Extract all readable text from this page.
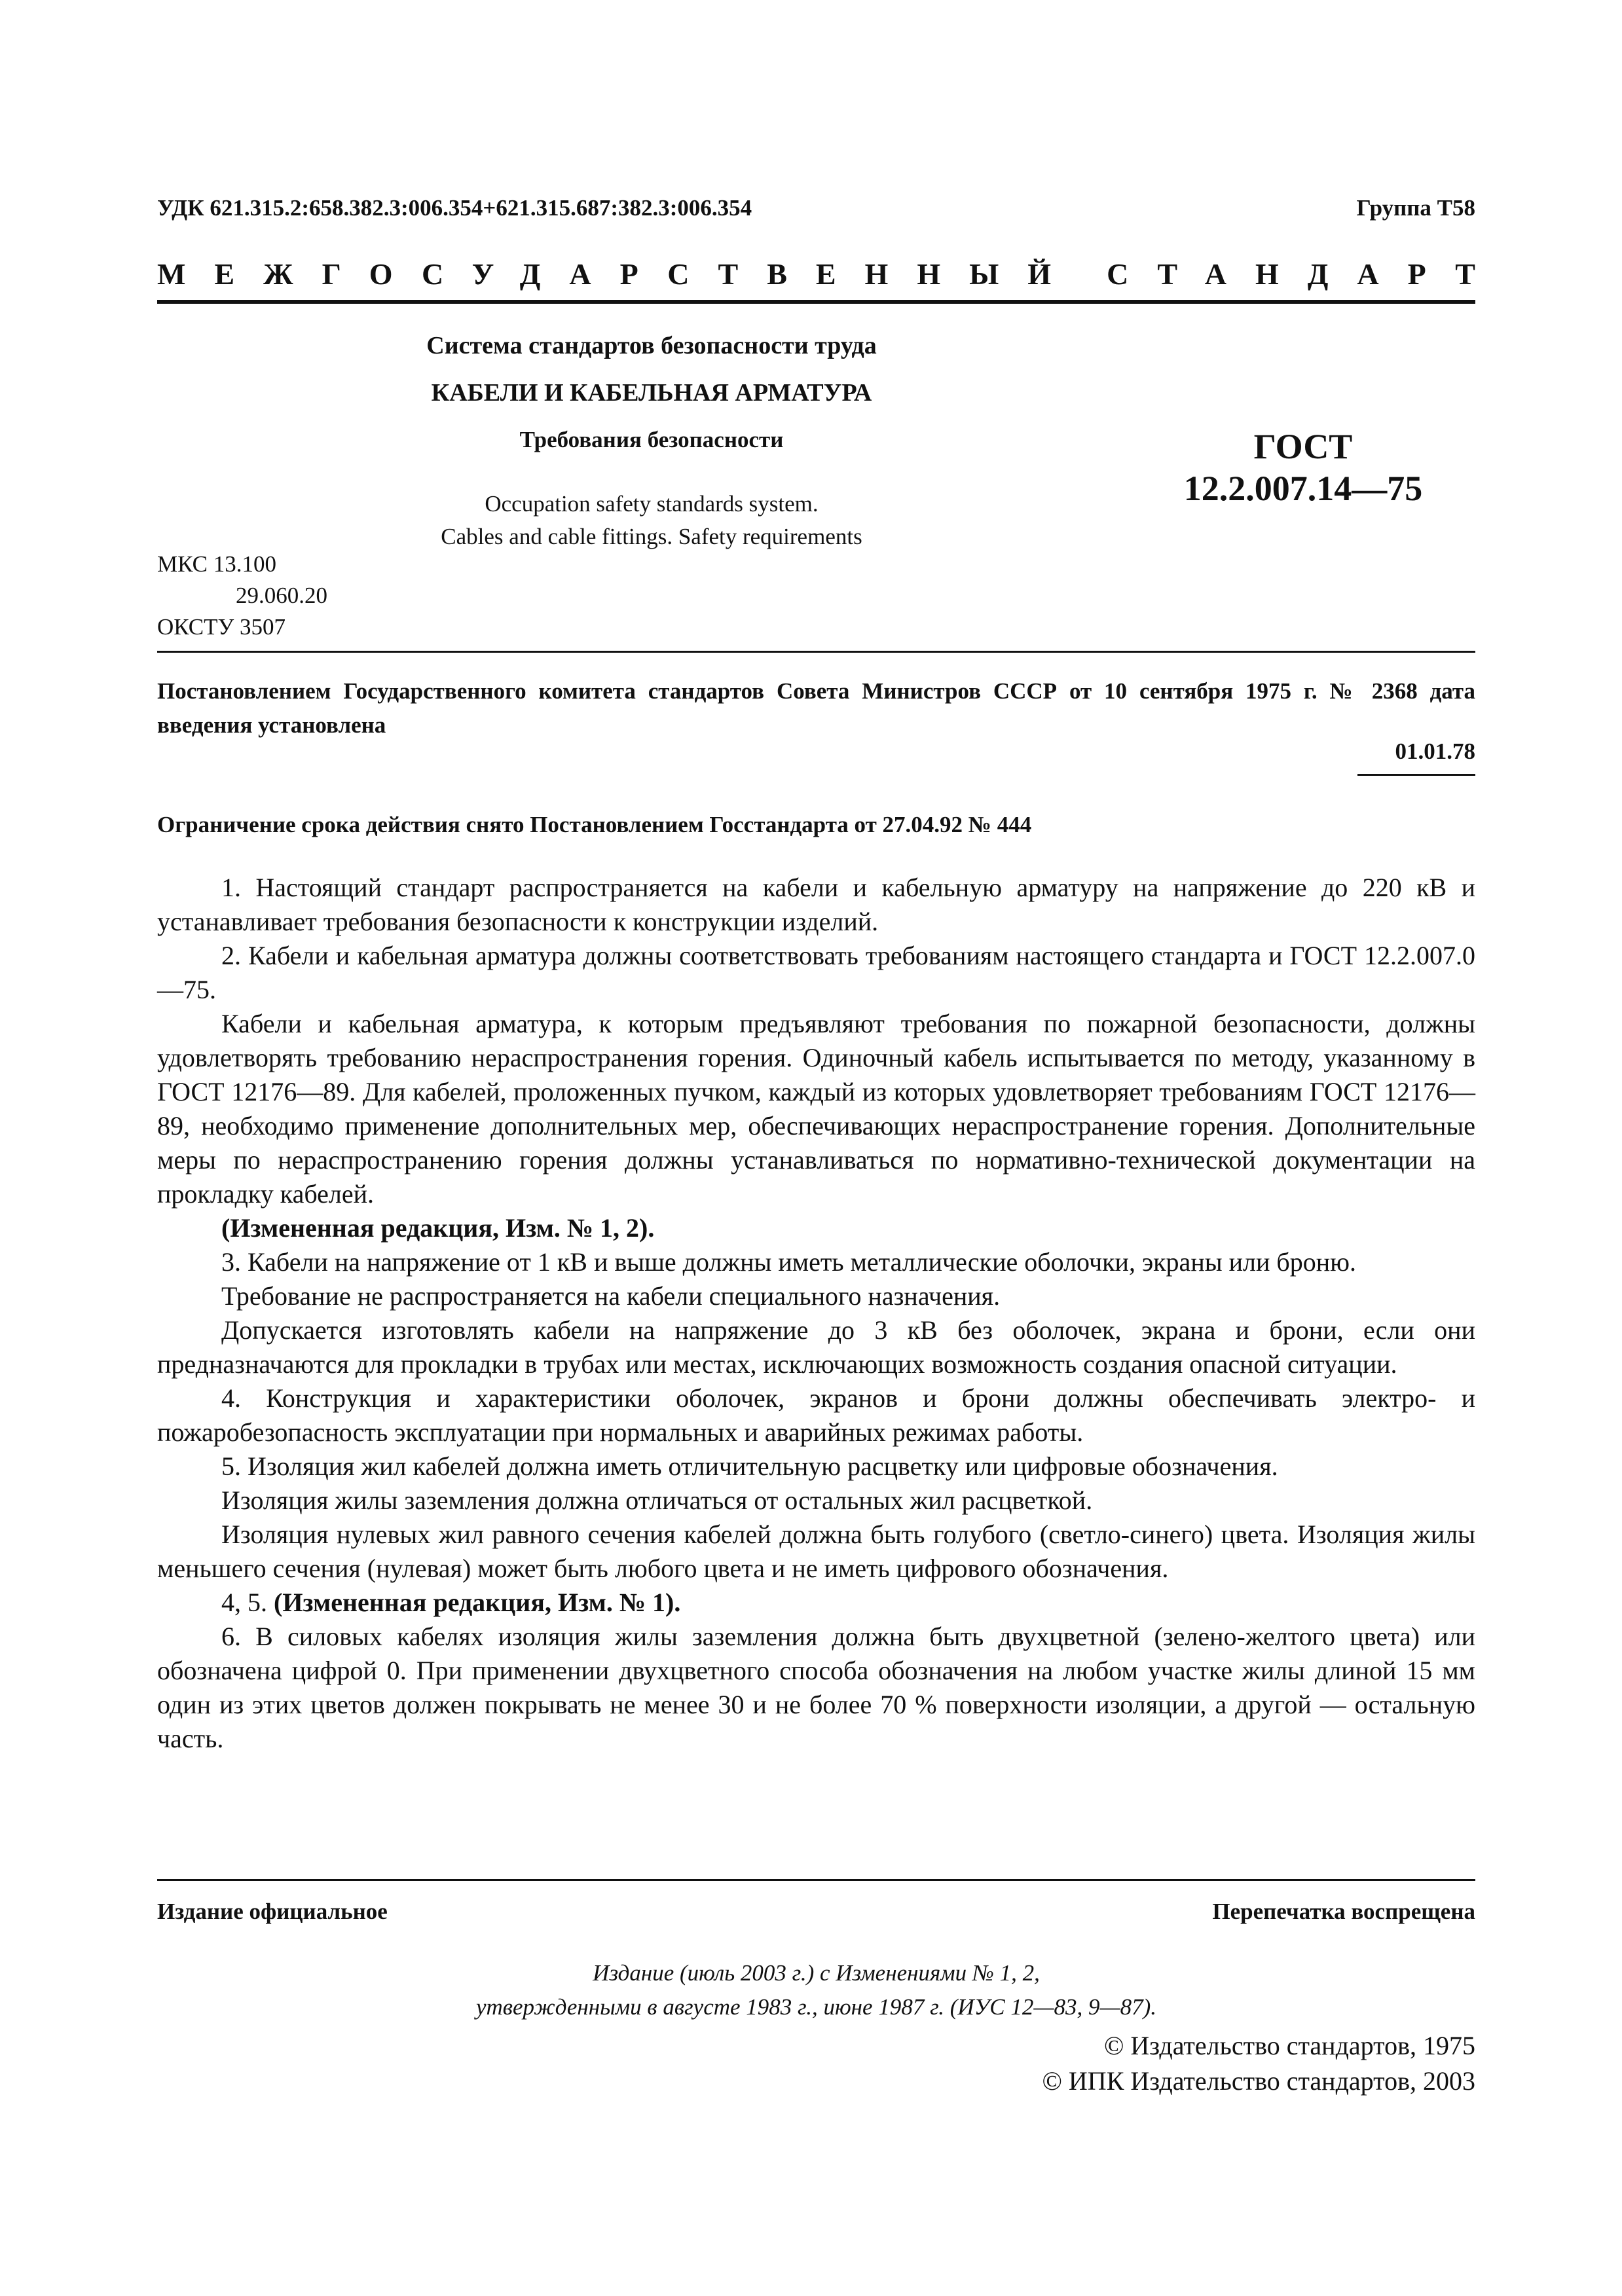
УДК 621.315.2:658.382.3:006.354+621.315.687:382.3:006.354	Группа Т58
МЕЖГОСУДАРСТВЕННЫЙ СТАНДАРТ
Система стандартов безопасности труда
КАБЕЛИ И КАБЕЛЬНАЯ АРМАТУРА
Требования безопасности
Occupation safety standards system.
Cables and cable fittings. Safety requirements
ГОСТ
12.2.007.14—75
МКС 13.100
29.060.20
ОКСТУ 3507
Постановлением Государственного комитета стандартов Совета Министров СССР от 10 сентября 1975 г. № 2368 дата введения установлена
01.01.78
Ограничение срока действия снято Постановлением Госстандарта от 27.04.92 № 444

1. Настоящий стандарт распространяется на кабели и кабельную арматуру на напряжение до 220 кВ и устанавливает требования безопасности к конструкции изделий.

2. Кабели и кабельная арматура должны соответствовать требованиям настоящего стандарта и ГОСТ 12.2.007.0—75.

Кабели и кабельная арматура, к которым предъявляют требования по пожарной безопасности, должны удовлетворять требованию нераспространения горения. Одиночный кабель испытывается по методу, указанному в ГОСТ 12176—89. Для кабелей, проложенных пучком, каждый из которых удовлетворяет требованиям ГОСТ 12176—89, необходимо применение дополнительных мер, обеспечивающих нераспространение горения. Дополнительные меры по нераспространению горения должны устанавливаться по нормативно-технической документации на прокладку кабелей.

(Измененная редакция, Изм. № 1, 2).

3. Кабели на напряжение от 1 кВ и выше должны иметь металлические оболочки, экраны или броню.

Требование не распространяется на кабели специального назначения.

Допускается изготовлять кабели на напряжение до 3 кВ без оболочек, экрана и брони, если они предназначаются для прокладки в трубах или местах, исключающих возможность создания опасной ситуации.

4. Конструкция и характеристики оболочек, экранов и брони должны обеспечивать электро- и пожаробезопасность эксплуатации при нормальных и аварийных режимах работы.

5. Изоляция жил кабелей должна иметь отличительную расцветку или цифровые обозначения.

Изоляция жилы заземления должна отличаться от остальных жил расцветкой.

Изоляция нулевых жил равного сечения кабелей должна быть голубого (светло-синего) цвета. Изоляция жилы меньшего сечения (нулевая) может быть любого цвета и не иметь цифрового обозначения.

4, 5. (Измененная редакция, Изм. № 1).

6. В силовых кабелях изоляция жилы заземления должна быть двухцветной (зелено-желтого цвета) или обозначена цифрой 0. При применении двухцветного способа обозначения на любом участке жилы длиной 15 мм один из этих цветов должен покрывать не менее 30 и не более 70 % поверхности изоляции, а другой — остальную часть.

Издание официальное	Перепечатка воспрещена
Издание (июль 2003 г.) с Изменениями № 1, 2,
утвержденными в августе 1983 г., июне 1987 г. (ИУС 12—83, 9—87).
© Издательство стандартов, 1975
© ИПК Издательство стандартов, 2003
